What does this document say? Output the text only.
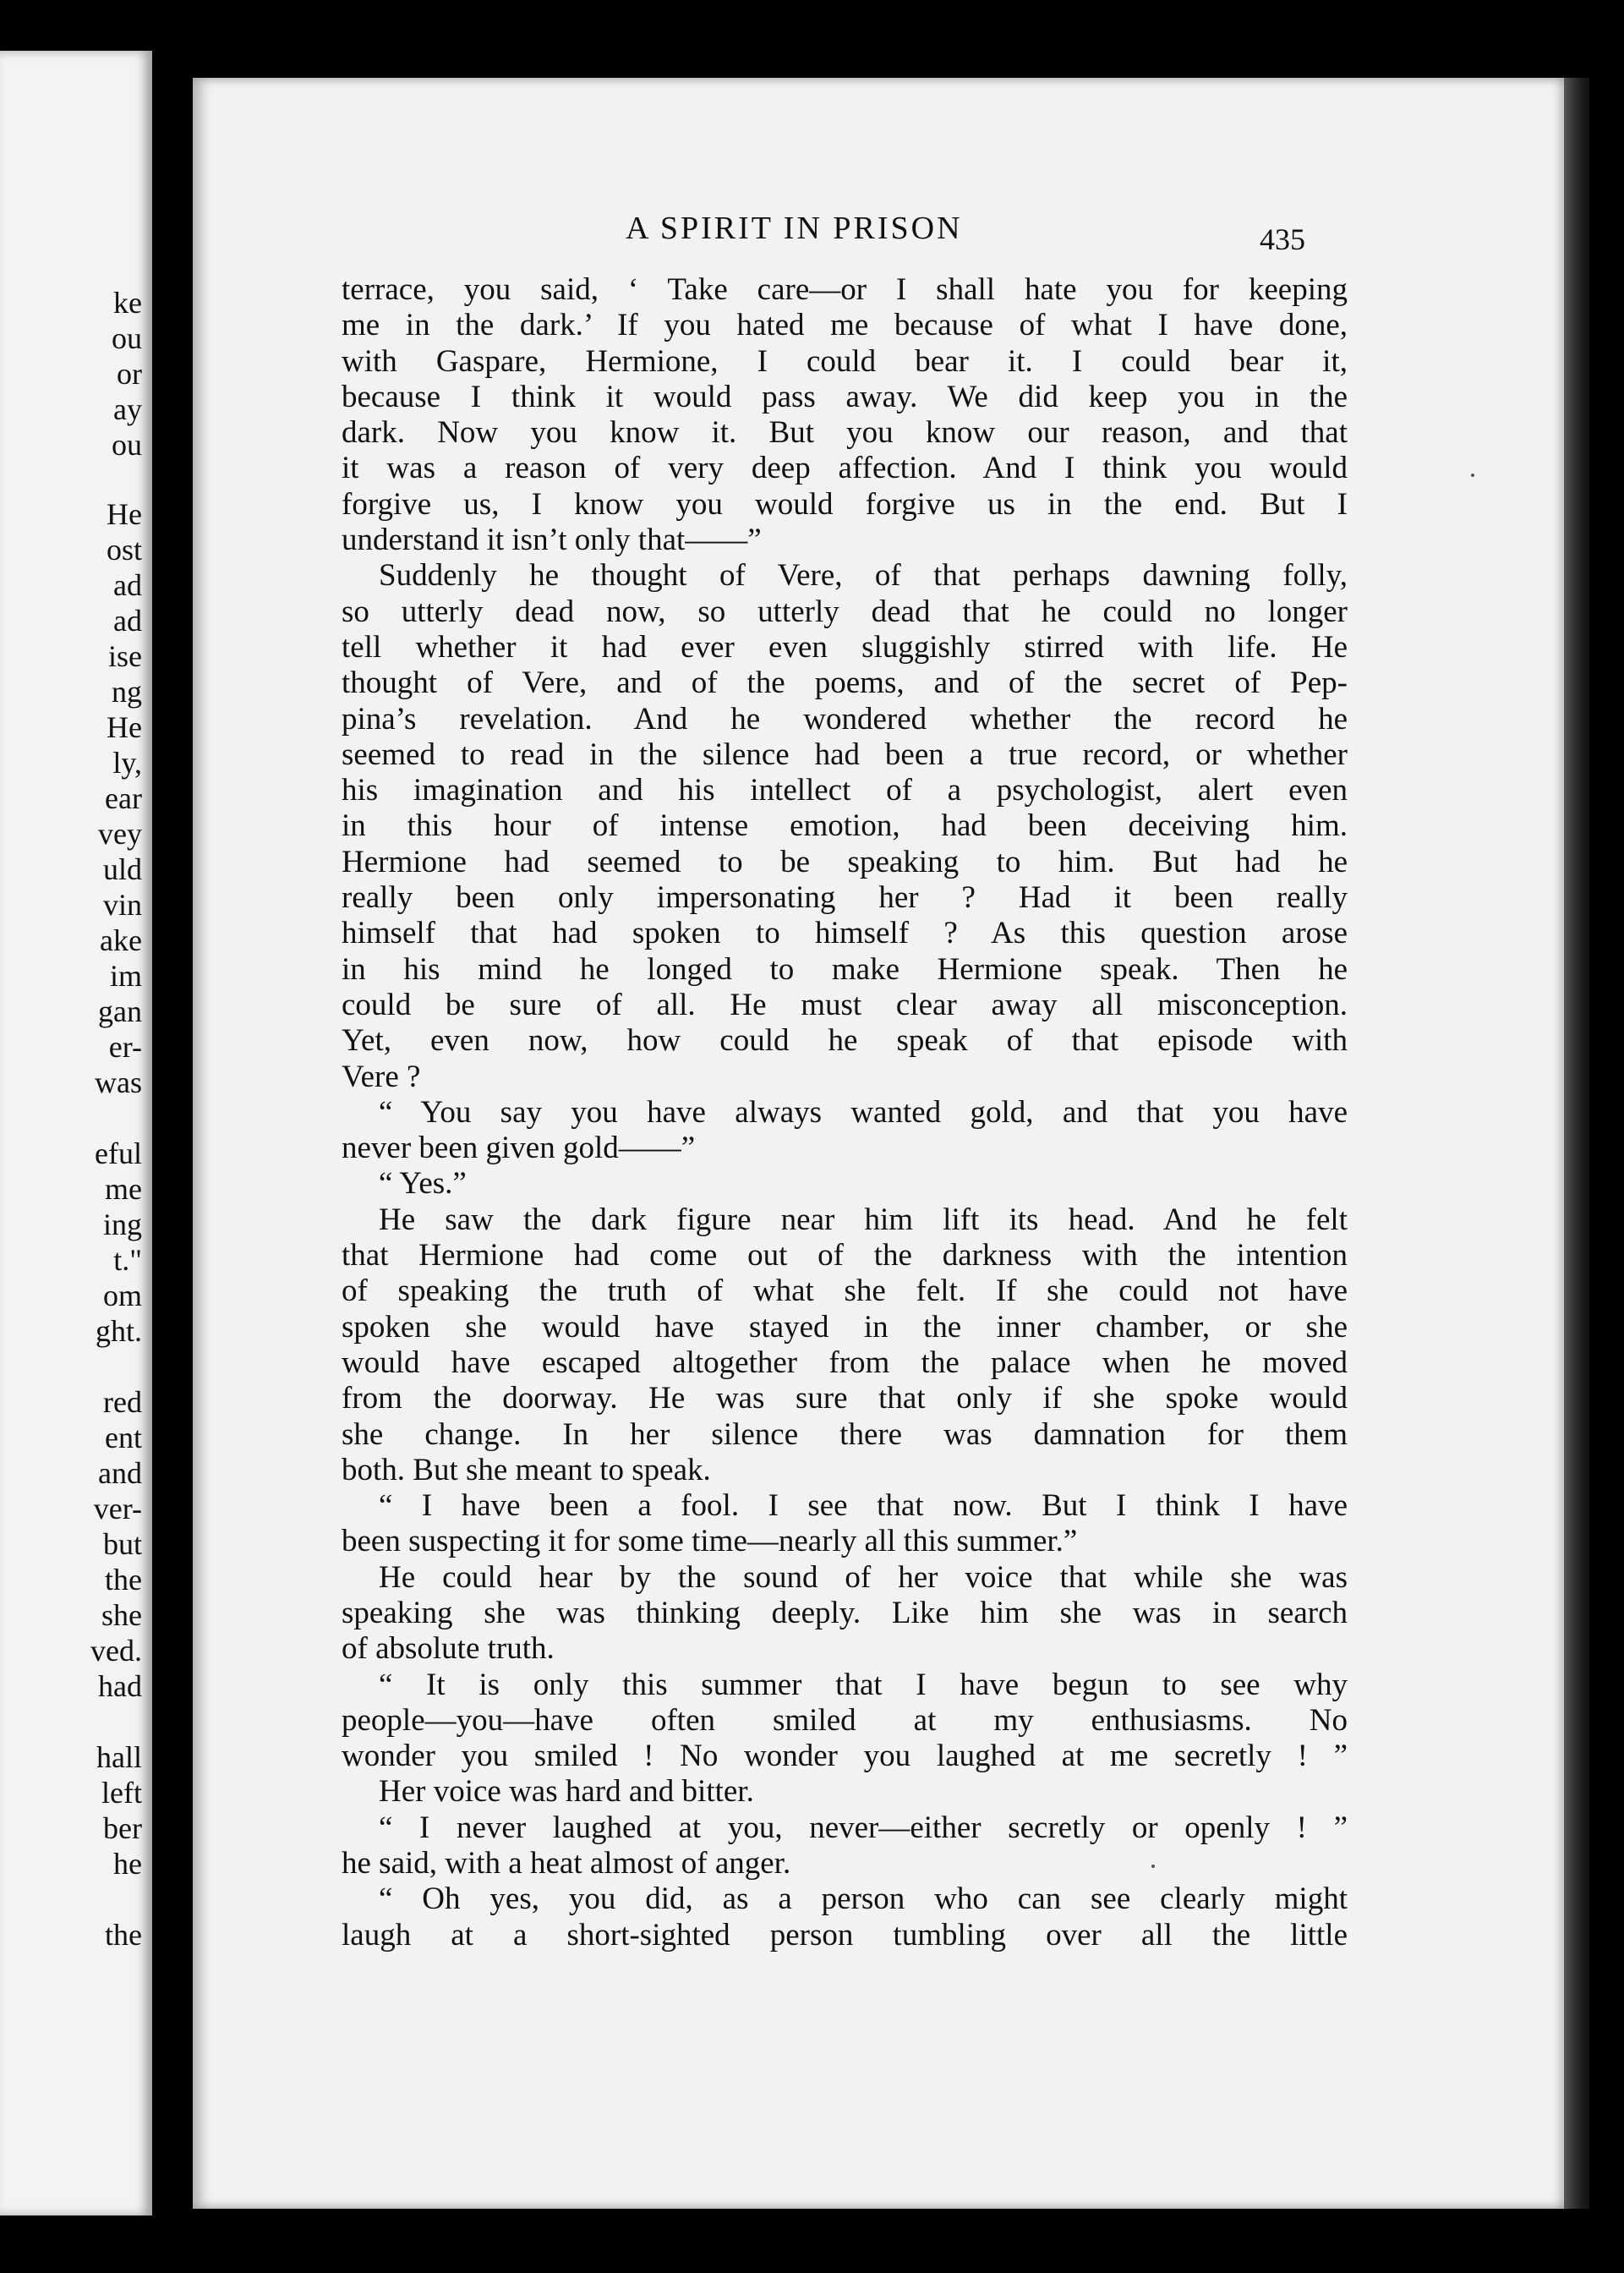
ke
ou
or
ay
ou
He
ost
ad
ad
ise
ng
He
ly,
ear
vey
uld
vin
ake
im
gan
er-
was
eful
me
ing
t."
om
ght.
red
ent
and
ver-
but
the
she
ved.
had
hall
left
ber
he
the
A SPIRIT IN PRISON	435
terrace, you said, ‘ Take care—or I shall hate you for keeping
me in the dark.’ If you hated me because of what I have done,
with Gaspare, Hermione, I could bear it. I could bear it,
because I think it would pass away. We did keep you in the
dark. Now you know it. But you know our reason, and that
it was a reason of very deep affection. And I think you would
forgive us, I know you would forgive us in the end. But I
understand it isn’t only that——”
Suddenly he thought of Vere, of that perhaps dawning folly,
so utterly dead now, so utterly dead that he could no longer
tell whether it had ever even sluggishly stirred with life. He
thought of Vere, and of the poems, and of the secret of Pep-
pina’s revelation. And he wondered whether the record he
seemed to read in the silence had been a true record, or whether
his imagination and his intellect of a psychologist, alert even
in this hour of intense emotion, had been deceiving him.
Hermione had seemed to be speaking to him. But had he
really been only impersonating her ? Had it been really
himself that had spoken to himself ? As this question arose
in his mind he longed to make Hermione speak. Then he
could be sure of all. He must clear away all misconception.
Yet, even now, how could he speak of that episode with
Vere ?
“ You say you have always wanted gold, and that you have
never been given gold——”
“ Yes.”
He saw the dark figure near him lift its head. And he felt
that Hermione had come out of the darkness with the intention
of speaking the truth of what she felt. If she could not have
spoken she would have stayed in the inner chamber, or she
would have escaped altogether from the palace when he moved
from the doorway. He was sure that only if she spoke would
she change. In her silence there was damnation for them
both. But she meant to speak.
“ I have been a fool. I see that now. But I think I have
been suspecting it for some time—nearly all this summer.”
He could hear by the sound of her voice that while she was
speaking she was thinking deeply. Like him she was in search
of absolute truth.
“ It is only this summer that I have begun to see why
people—you—have often smiled at my enthusiasms. No
wonder you smiled ! No wonder you laughed at me secretly ! ”
Her voice was hard and bitter.
“ I never laughed at you, never—either secretly or openly ! ”
he said, with a heat almost of anger.
“ Oh yes, you did, as a person who can see clearly might
laugh at a short-sighted person tumbling over all the little
